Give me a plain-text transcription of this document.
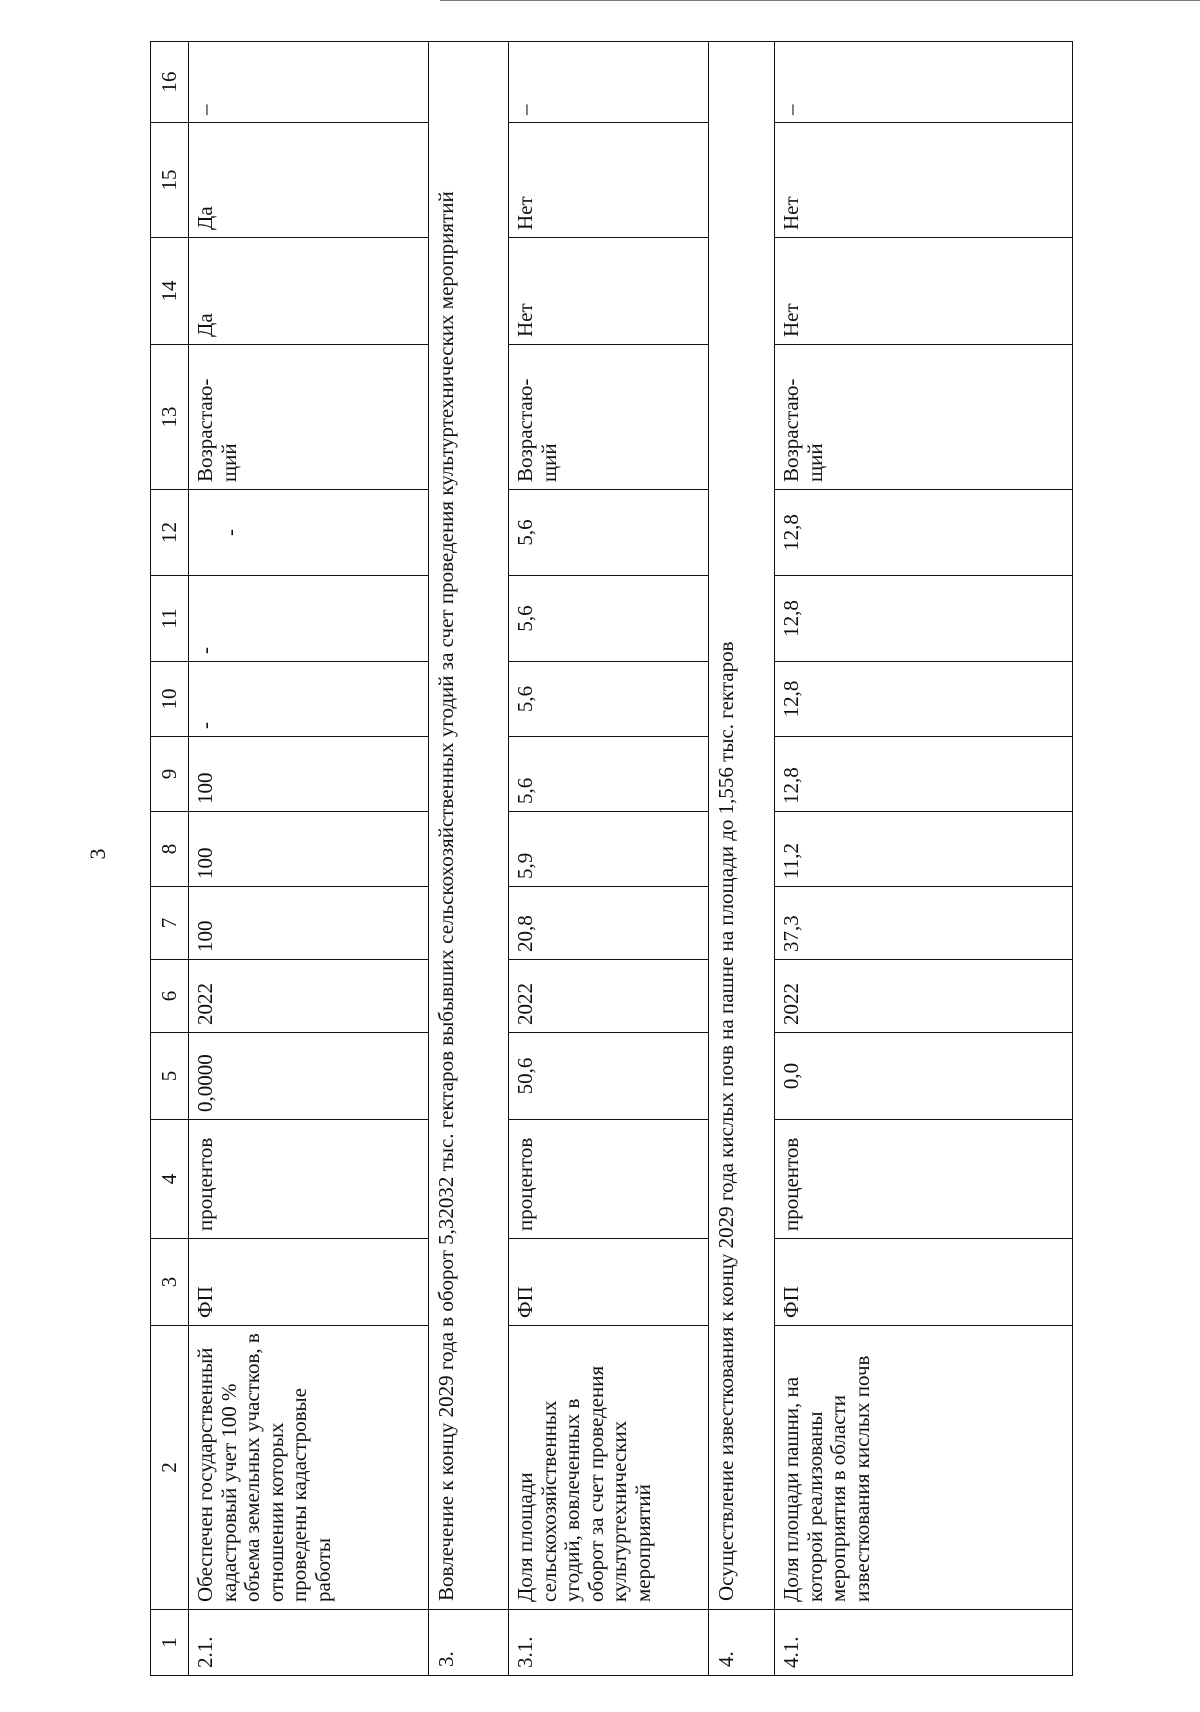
3
1	2	3	4	5	6	7	8	9	10	11	12	13	14	15	16
2.1.	Обеспечен государственный кадастровый учет 100 % объема земельных участков, в отношении которых проведены кадастровые работы	ФП	процентов	0,0000	2022	100	100	100	-	-	-	Возрастаю-щий	Да	Да	–
3.	Вовлечение к концу 2029 года в оборот 5,32032 тыс. гектаров выбывших сельскохозяйственных угодий за счет проведения культуртехнических мероприятий														
3.1.	Доля площади сельскохозяйственных угодий, вовлеченных в оборот за счет проведения культуртехнических мероприятий	ФП	процентов	50,6	2022	20,8	5,9	5,6	5,6	5,6	5,6	Возрастаю-щий	Нет	Нет	–
4.	Осуществление известкования к концу 2029 года кислых почв на пашне на площади до 1,556 тыс. гектаров														
4.1.	Доля площади пашни, на которой реализованы мероприятия в области известкования кислых почв	ФП	процентов	0,0	2022	37,3	11,2	12,8	12,8	12,8	12,8	Возрастаю-щий	Нет	Нет	–
